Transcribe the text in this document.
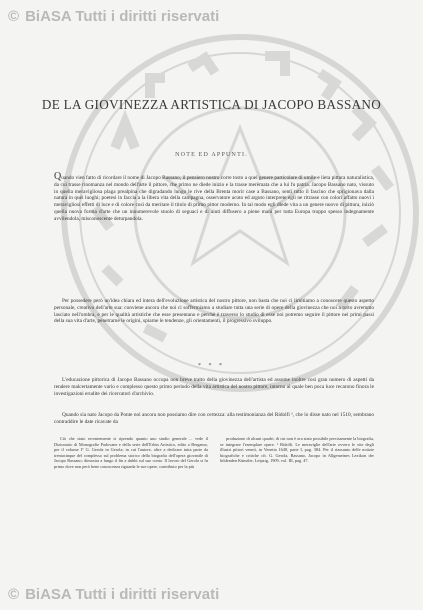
© BiASA Tutti i diritti riservati
DE LA GIOVINEZZA ARTISTICA DI JACOPO BASSANO
NOTE ED APPUNTI.

Quando vien fatto di ricordare il nome di Jacopo Bassano, il pensiero nostro corre tosto a quel genere particolare di umile e lieta pittura naturalistica, da cui trasse rinomanza nel mondo dell'arte il pittore, che primo ne diede inizio e la trasse merèmata che a lui fu patria. Jacopo Bassano nato, vissuto in quella meravigliosa plaga prealpina che digradando lungo le rive della Brenta morir case a Bassano, sentì tutto il fascino che sprigionava dalla natura in quei luoghi; poetesi in faccia a la libera vita della campagna, osservatore acuto ed arguto interprete egli ne ritrasse con colori affatto nuovi i meravigliosi effetti di luce e di colore così da meritare il titolo di primo pittor moderno. In tal modo egli diede vita a un genere nuovo di pittura, iniziò quella nuova forma d'arte che un innumerevole stuolo di seguaci e di aiuti diffusero a piene mani per tutta Europa troppo spesso indegnamente avvilendola, misconoscente deturpandola.

Per possedere però un'idea chiara ed intera dell'evoluzione artistica del nostro pittore, non basta che noi ci limitiamo a conoscere questo aspetto personale, creativo dell'arte sua: conviene ancora che noi ci soffermiamo a studiare tutta una serie di opere della giovinezza che noi a torto avremmo lasciato nell'ombra, e per le qualità artistiche che esse presentano e perchè è traverso lo studio di esse noi potremo seguire il pittore nei primi passi della sua vita d'arte, penetrarne le origini, spiarne le tendenze, gli orientamenti, il progressivo sviluppo.

* * *

L'educazione pittorica di Jacopo Bassano occupa non breve tratto della giovinezza dell'artista ed assume inoltre così gran numero di aspetti da rendere malcertamente vario e complesso questo primo periodo della vita artistica del nostro pittore, intorno al quale ben poca luce recarono finora le investigazioni erudite dei ricercatori d'archivio.

Quando sia nato Jacopo da Ponte noi ancora non possiamo dire con certezza: alla testimonianza del Ridolfi ¹, che lo disse nato nel 1510, sembrano contraddire le date ricavate da

Ciò che stato recentemente si riprendo quanto uno studio generale ... vede il Dizionario di Monografie Padovane e della serie dell'Erbin Artistico, edito a Bergamo, per il volume I° G. Gerola in Gerola; in cui l'autore, oltre a dedicare tutta parte da trentacinque del complesso sul problema storico della biografia dell'opera giovanile di Jacopo Bassano; dimostra a lungo il fin a dubbi sul suo conto. Il lavoro del Gerola si fu primo dove non però bene conoscenza riguarda le sue opere, contributo per la più

produzione di alcuni quadri, di cui non è ora stato possibile precisamente la biografia, se integrare l'esemplare opere. ¹ Ridolfi. Le meraviglie dell'arte ovvero le vite degli illustri pittori veneti, in Venetia 1648, parte I, pag. 384. Per il riassunto delle notizie biografiche e critiche cfr. G. Gerola, Bassano, Jacopo in Allgemeines Lexikon der bildenden Künstler, Leipzig, 1909, vol. III, pag. 47.

© BiASA Tutti i diritti riservati
